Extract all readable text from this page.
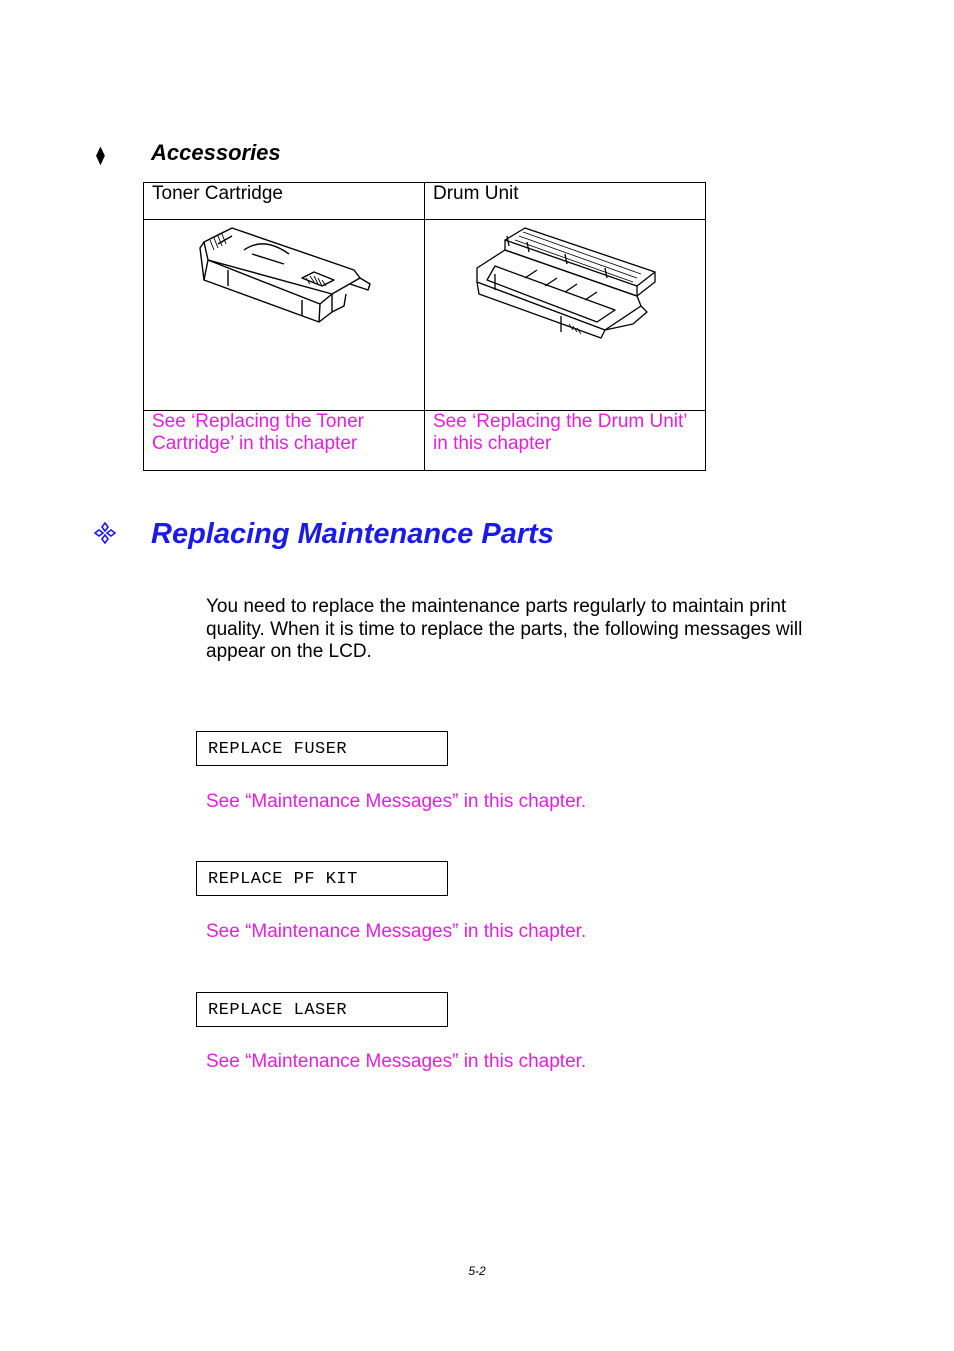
⧫ Accessories
Toner Cartridge	Drum Unit

See ‘Replacing the Toner Cartridge’ in this chapter	See ‘Replacing the Drum Unit’ in this chapter
Replacing Maintenance Parts
You need to replace the maintenance parts regularly to maintain print quality. When it is time to replace the parts, the following messages will appear on the LCD.
REPLACE FUSER
See “Maintenance Messages” in this chapter.
REPLACE PF KIT
See “Maintenance Messages” in this chapter.
REPLACE LASER
See “Maintenance Messages” in this chapter.
5-2
